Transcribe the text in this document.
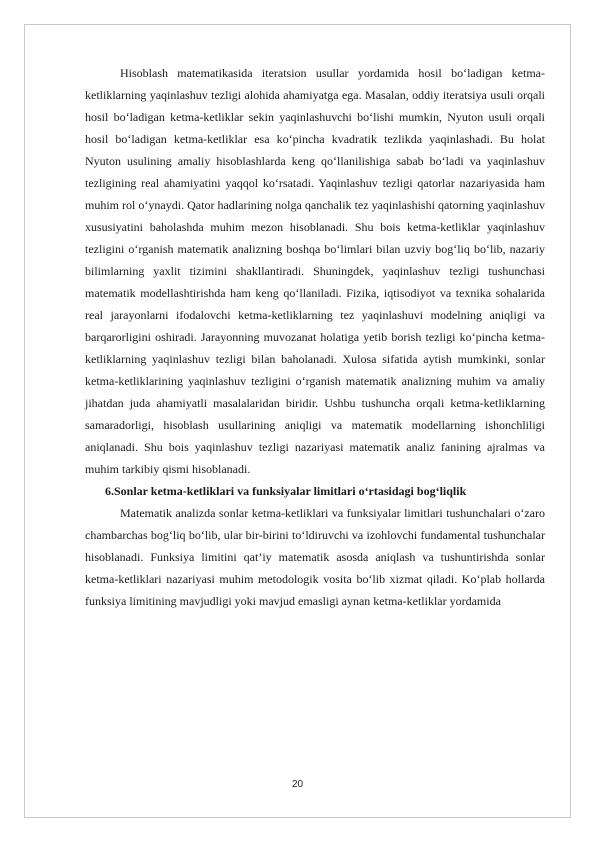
Hisoblash matematikasida iteratsion usullar yordamida hosil bo‘ladigan ketma-ketliklarning yaqinlashuv tezligi alohida ahamiyatga ega. Masalan, oddiy iteratsiya usuli orqali hosil bo‘ladigan ketma-ketliklar sekin yaqinlashuvchi bo‘lishi mumkin, Nyuton usuli orqali hosil bo‘ladigan ketma-ketliklar esa ko‘pincha kvadratik tezlikda yaqinlashadi. Bu holat Nyuton usulining amaliy hisoblashlarda keng qo‘llanilishiga sabab bo‘ladi va yaqinlashuv tezligining real ahamiyatini yaqqol ko‘rsatadi. Yaqinlashuv tezligi qatorlar nazariyasida ham muhim rol o‘ynaydi. Qator hadlarining nolga qanchalik tez yaqinlashishi qatorning yaqinlashuv xususiyatini baholashda muhim mezon hisoblanadi. Shu bois ketma-ketliklar yaqinlashuv tezligini o‘rganish matematik analizning boshqa bo‘limlari bilan uzviy bog‘liq bo‘lib, nazariy bilimlarning yaxlit tizimini shakllantiradi. Shuningdek, yaqinlashuv tezligi tushunchasi matematik modellashtirishda ham keng qo‘llaniladi. Fizika, iqtisodiyot va texnika sohalarida real jarayonlarni ifodalovchi ketma-ketliklarning tez yaqinlashuvi modelning aniqligi va barqarorligini oshiradi. Jarayonning muvozanat holatiga yetib borish tezligi ko‘pincha ketma-ketliklarning yaqinlashuv tezligi bilan baholanadi. Xulosa sifatida aytish mumkinki, sonlar ketma-ketliklarining yaqinlashuv tezligini o‘rganish matematik analizning muhim va amaliy jihatdan juda ahamiyatli masalalaridan biridir. Ushbu tushuncha orqali ketma-ketliklarning samaradorligi, hisoblash usullarining aniqligi va matematik modellarning ishonchliligi aniqlanadi. Shu bois yaqinlashuv tezligi nazariyasi matematik analiz fanining ajralmas va muhim tarkibiy qismi hisoblanadi.

6.Sonlar ketma-ketliklari va funksiyalar limitlari o‘rtasidagi bog‘liqlik

Matematik analizda sonlar ketma-ketliklari va funksiyalar limitlari tushunchalari o‘zaro chambarchas bog‘liq bo‘lib, ular bir-birini to‘ldiruvchi va izohlovchi fundamental tushunchalar hisoblanadi. Funksiya limitini qat’iy matematik asosda aniqlash va tushuntirishda sonlar ketma-ketliklari nazariyasi muhim metodologik vosita bo‘lib xizmat qiladi. Ko‘plab hollarda funksiya limitining mavjudligi yoki mavjud emasligi aynan ketma-ketliklar yordamida

20
